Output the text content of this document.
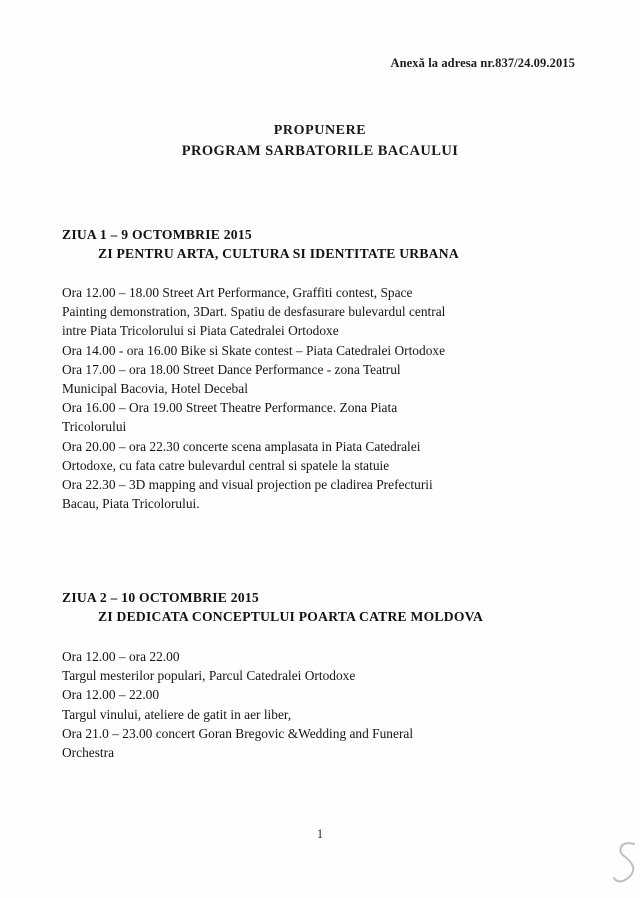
Anexă la adresa nr.837/24.09.2015
PROPUNERE
PROGRAM SARBATORILE BACAULUI
ZIUA 1 – 9 OCTOMBRIE 2015
ZI PENTRU ARTA, CULTURA SI IDENTITATE URBANA
Ora 12.00 – 18.00 Street Art Performance, Graffiti contest, Space
Painting demonstration, 3Dart. Spatiu de desfasurare bulevardul central
intre Piata Tricolorului si Piata Catedralei Ortodoxe
Ora 14.00 - ora 16.00 Bike si Skate contest – Piata Catedralei Ortodoxe
Ora 17.00 – ora 18.00 Street Dance Performance - zona Teatrul
Municipal Bacovia, Hotel Decebal
Ora 16.00 – Ora 19.00 Street Theatre Performance. Zona Piata
Tricolorului
Ora 20.00 – ora 22.30 concerte scena amplasata in Piata Catedralei
Ortodoxe, cu fata catre bulevardul central si spatele la statuie
Ora 22.30 – 3D mapping and visual projection pe cladirea Prefecturii
Bacau, Piata Tricolorului.
ZIUA 2 – 10 OCTOMBRIE 2015
ZI DEDICATA CONCEPTULUI POARTA CATRE MOLDOVA
Ora 12.00 – ora 22.00
Targul mesterilor populari, Parcul Catedralei Ortodoxe
Ora 12.00 – 22.00
Targul vinului, ateliere de gatit in aer liber,
Ora 21.0 – 23.00 concert Goran Bregovic &Wedding and Funeral
Orchestra
1
